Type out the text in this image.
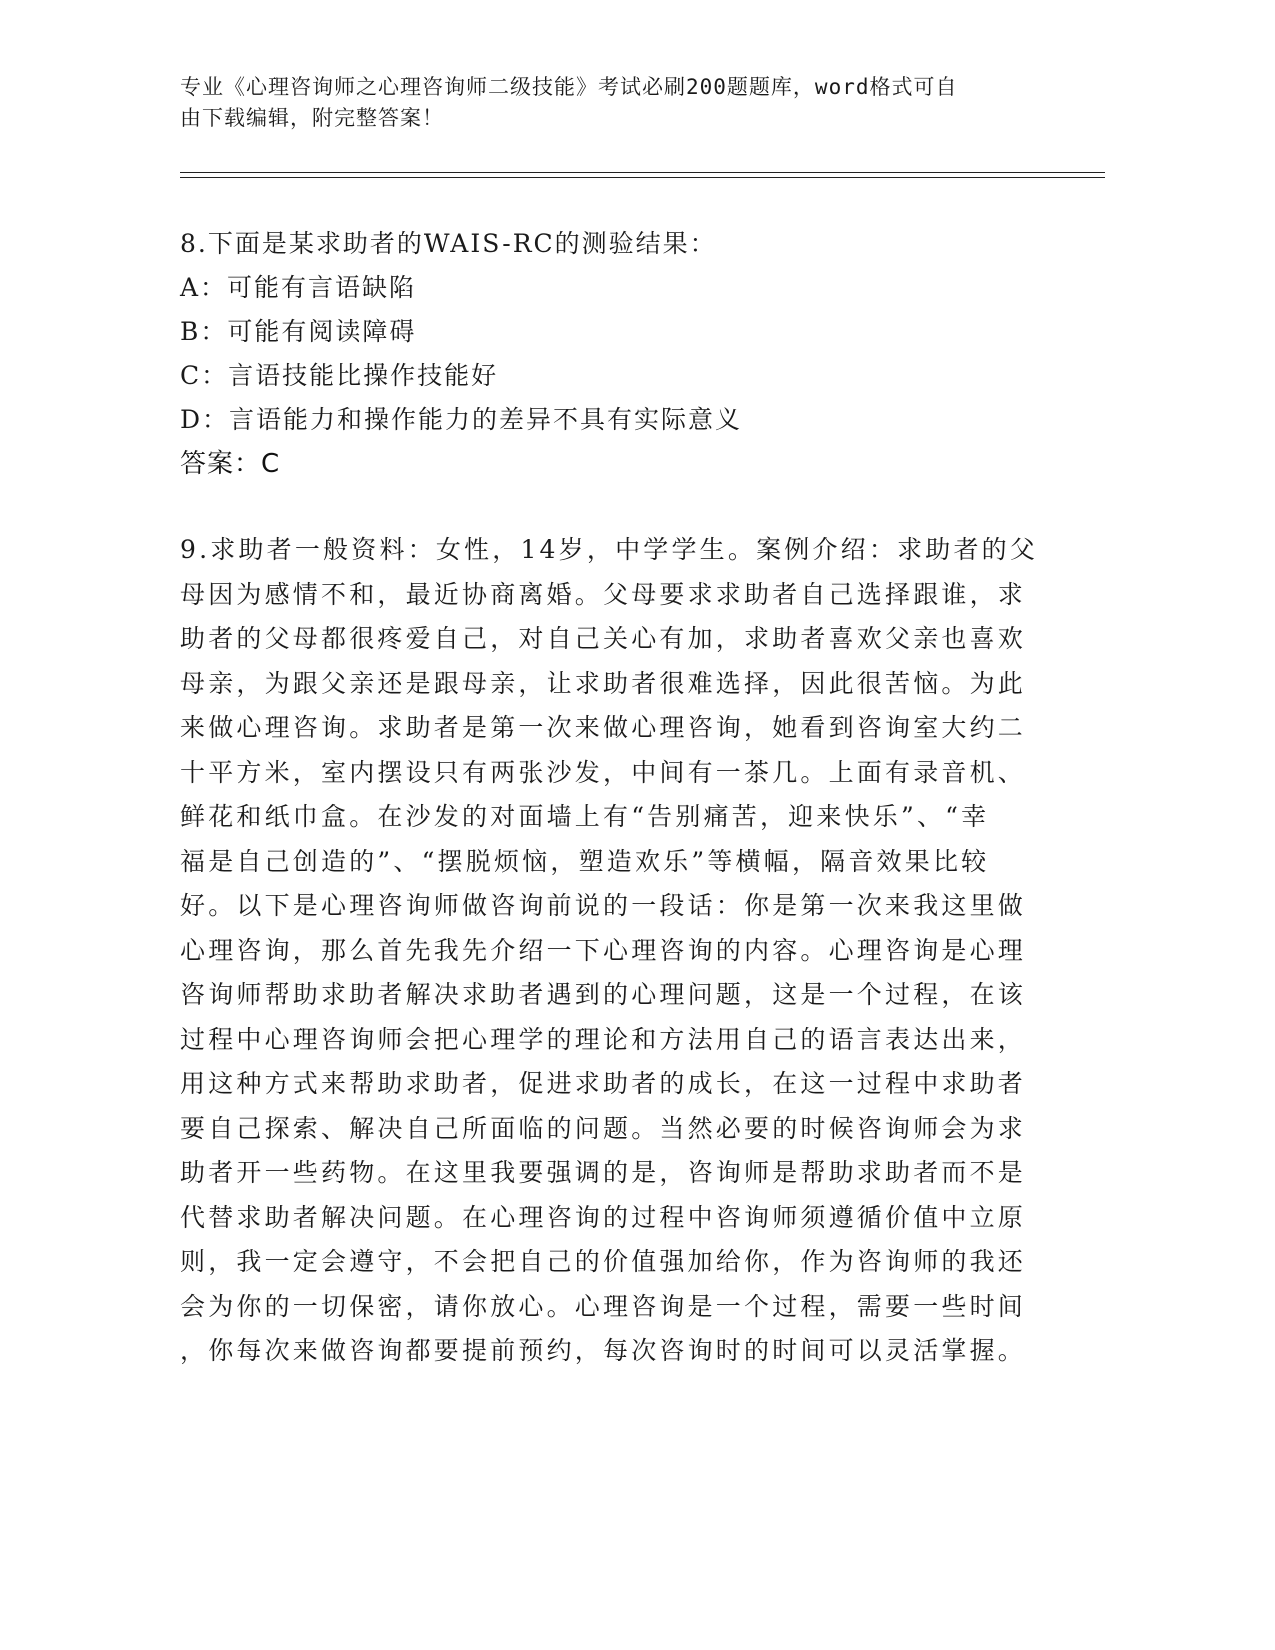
专业《心理咨询师之心理咨询师二级技能》考试必刷200题题库，word格式可自
由下载编辑，附完整答案！
8.下面是某求助者的WAIS-RC的测验结果：
A：可能有言语缺陷
B：可能有阅读障碍
C：言语技能比操作技能好
D：言语能力和操作能力的差异不具有实际意义
答案：C
9.求助者一般资料：女性，14岁，中学学生。案例介绍：求助者的父
母因为感情不和，最近协商离婚。父母要求求助者自己选择跟谁，求
助者的父母都很疼爱自己，对自己关心有加，求助者喜欢父亲也喜欢
母亲，为跟父亲还是跟母亲，让求助者很难选择，因此很苦恼。为此
来做心理咨询。求助者是第一次来做心理咨询，她看到咨询室大约二
十平方米，室内摆设只有两张沙发，中间有一茶几。上面有录音机、
鲜花和纸巾盒。在沙发的对面墙上有“告别痛苦，迎来快乐”、“幸
福是自己创造的”、“摆脱烦恼，塑造欢乐”等横幅，隔音效果比较
好。以下是心理咨询师做咨询前说的一段话：你是第一次来我这里做
心理咨询，那么首先我先介绍一下心理咨询的内容。心理咨询是心理
咨询师帮助求助者解决求助者遇到的心理问题，这是一个过程，在该
过程中心理咨询师会把心理学的理论和方法用自己的语言表达出来，
用这种方式来帮助求助者，促进求助者的成长，在这一过程中求助者
要自己探索、解决自己所面临的问题。当然必要的时候咨询师会为求
助者开一些药物。在这里我要强调的是，咨询师是帮助求助者而不是
代替求助者解决问题。在心理咨询的过程中咨询师须遵循价值中立原
则，我一定会遵守，不会把自己的价值强加给你，作为咨询师的我还
会为你的一切保密，请你放心。心理咨询是一个过程，需要一些时间
，你每次来做咨询都要提前预约，每次咨询时的时间可以灵活掌握。
